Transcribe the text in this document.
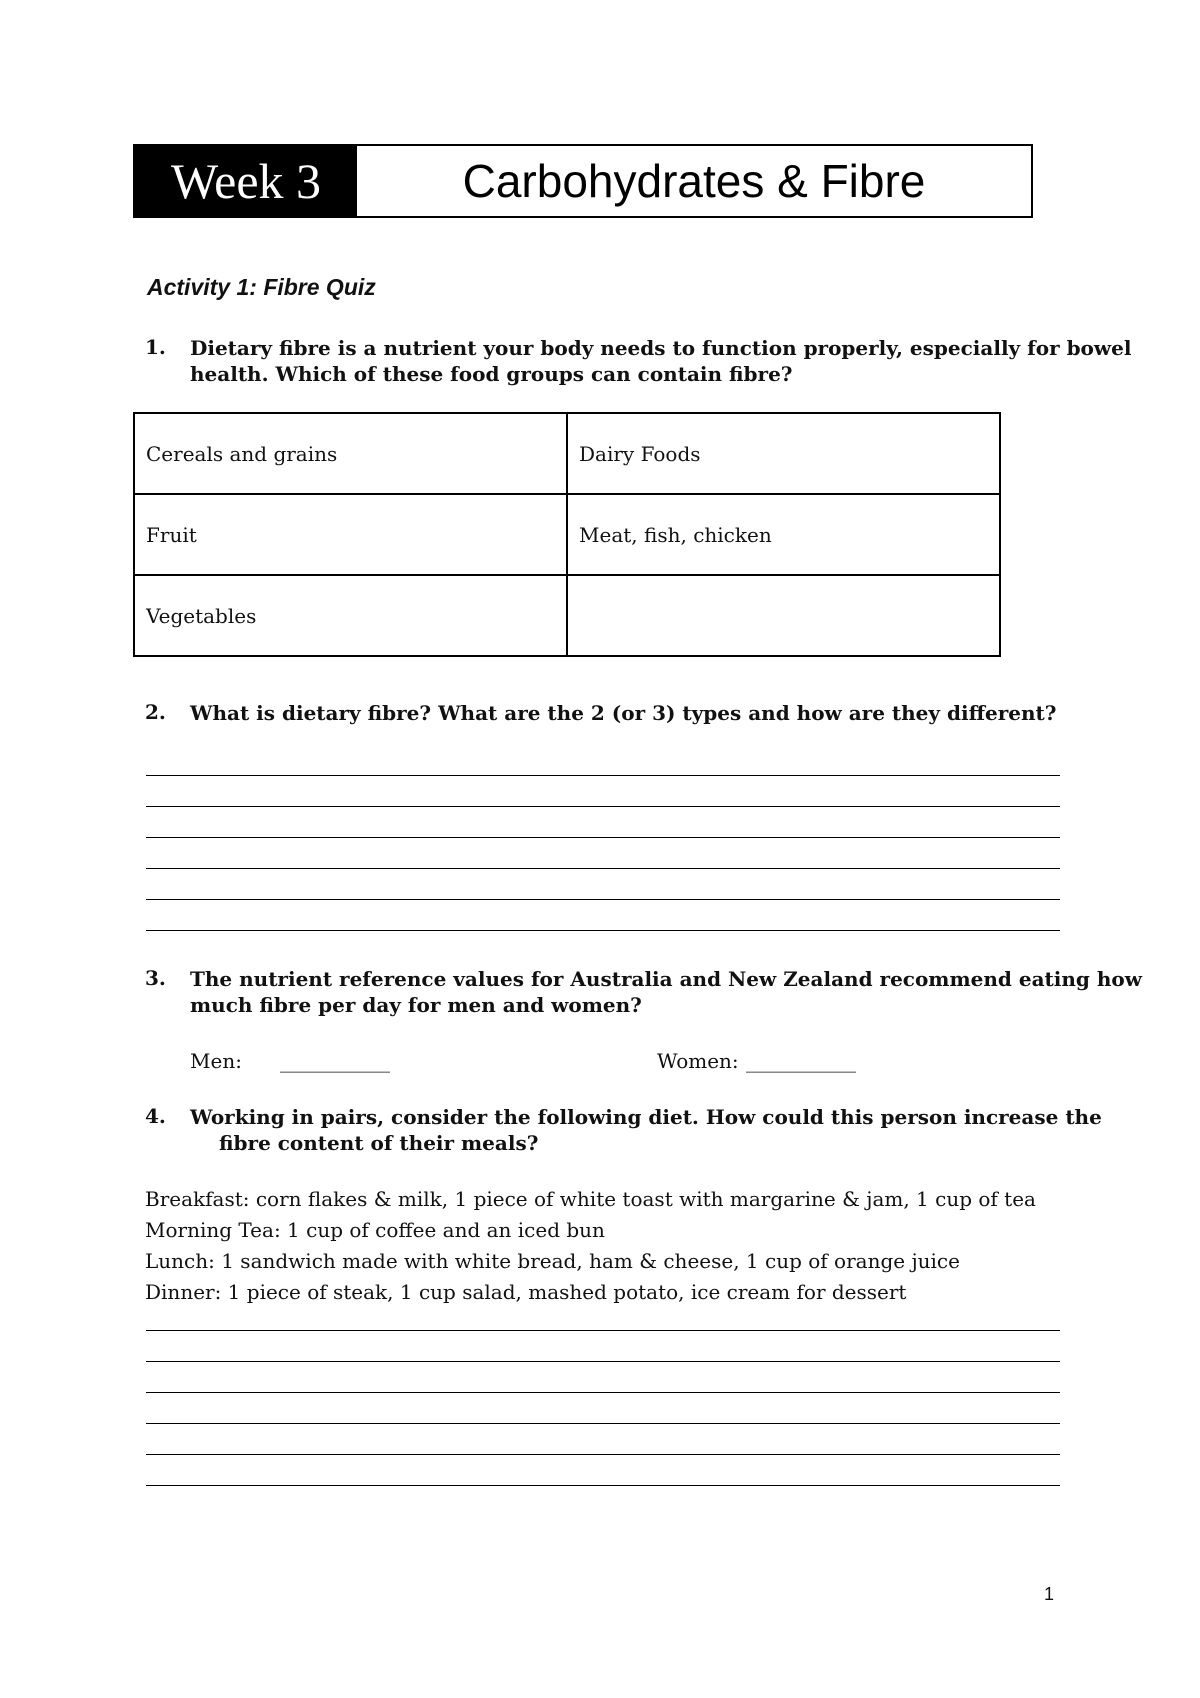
Week 3	Carbohydrates & Fibre
Activity 1: Fibre Quiz
1. Dietary fibre is a nutrient your body needs to function properly, especially for bowel
health. Which of these food groups can contain fibre?
Cereals and grains	Dairy Foods
Fruit	Meat, fish, chicken
Vegetables	
2. What is dietary fibre? What are the 2 (or 3) types and how are they different?
3. The nutrient reference values for Australia and New Zealand recommend eating how
much fibre per day for men and women?
Men: ___________	Women: ___________
4. Working in pairs, consider the following diet. How could this person increase the
fibre content of their meals?
Breakfast: corn flakes & milk, 1 piece of white toast with margarine & jam, 1 cup of tea
Morning Tea: 1 cup of coffee and an iced bun
Lunch: 1 sandwich made with white bread, ham & cheese, 1 cup of orange juice
Dinner: 1 piece of steak, 1 cup salad, mashed potato, ice cream for dessert
1
